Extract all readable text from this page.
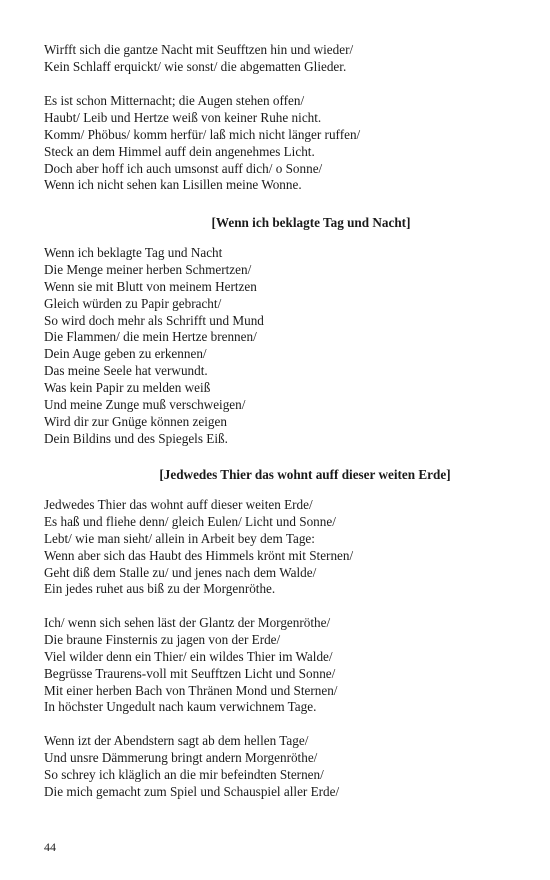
Wirfft sich die gantze Nacht mit Seufftzen hin und wieder/
Kein Schlaff erquickt/ wie sonst/ die abgematten Glieder.
Es ist schon Mitternacht; die Augen stehen offen/
Haubt/ Leib und Hertze weiß von keiner Ruhe nicht.
Komm/ Phöbus/ komm herfür/ laß mich nicht länger ruffen/
Steck an dem Himmel auff dein angenehmes Licht.
Doch aber hoff ich auch umsonst auff dich/ o Sonne/
Wenn ich nicht sehen kan Lisillen meine Wonne.
[Wenn ich beklagte Tag und Nacht]
Wenn ich beklagte Tag und Nacht
Die Menge meiner herben Schmertzen/
Wenn sie mit Blutt von meinem Hertzen
Gleich würden zu Papir gebracht/
So wird doch mehr als Schrifft und Mund
Die Flammen/ die mein Hertze brennen/
Dein Auge geben zu erkennen/
Das meine Seele hat verwundt.
Was kein Papir zu melden weiß
Und meine Zunge muß verschweigen/
Wird dir zur Gnüge können zeigen
Dein Bildins und des Spiegels Eiß.
[Jedwedes Thier das wohnt auff dieser weiten Erde]
Jedwedes Thier das wohnt auff dieser weiten Erde/
Es haß und fliehe denn/ gleich Eulen/ Licht und Sonne/
Lebt/ wie man sieht/ allein in Arbeit bey dem Tage:
Wenn aber sich das Haubt des Himmels krönt mit Sternen/
Geht diß dem Stalle zu/ und jenes nach dem Walde/
Ein jedes ruhet aus biß zu der Morgenröthe.
Ich/ wenn sich sehen läst der Glantz der Morgenröthe/
Die braune Finsternis zu jagen von der Erde/
Viel wilder denn ein Thier/ ein wildes Thier im Walde/
Begrüsse Traurens-voll mit Seufftzen Licht und Sonne/
Mit einer herben Bach von Thränen Mond und Sternen/
In höchster Ungedult nach kaum verwichnem Tage.
Wenn izt der Abendstern sagt ab dem hellen Tage/
Und unsre Dämmerung bringt andern Morgenröthe/
So schrey ich kläglich an die mir befeindten Sternen/
Die mich gemacht zum Spiel und Schauspiel aller Erde/
44
